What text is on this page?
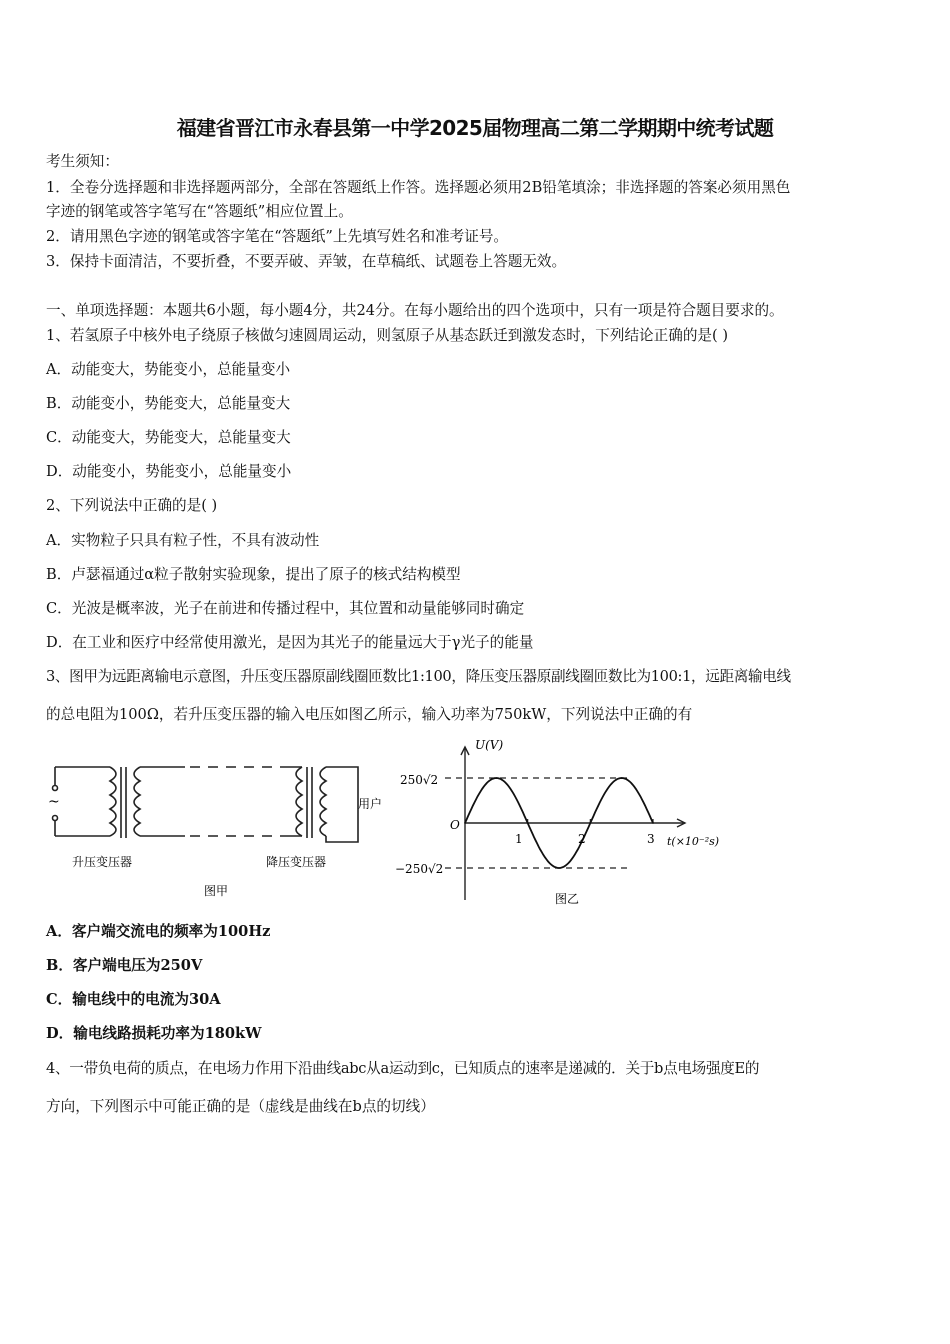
福建省晋江市永春县第一中学2025届物理高二第二学期期中统考试题
考生须知：
1．全卷分选择题和非选择题两部分，全部在答题纸上作答。选择题必须用2B铅笔填涂；非选择题的答案必须用黑色
字迹的钢笔或答字笔写在“答题纸”相应位置上。
2．请用黑色字迹的钢笔或答字笔在“答题纸”上先填写姓名和准考证号。
3．保持卡面清洁，不要折叠，不要弄破、弄皱，在草稿纸、试题卷上答题无效。
一、单项选择题：本题共6小题，每小题4分，共24分。在每小题给出的四个选项中，只有一项是符合题目要求的。
1、若氢原子中核外电子绕原子核做匀速圆周运动，则氢原子从基态跃迁到激发态时，下列结论正确的是( )
A．动能变大，势能变小，总能量变小
B．动能变小，势能变大，总能量变大
C．动能变大，势能变大，总能量变大
D．动能变小，势能变小，总能量变小
2、下列说法中正确的是( )
A．实物粒子只具有粒子性，不具有波动性
B．卢瑟福通过α粒子散射实验现象，提出了原子的核式结构模型
C．光波是概率波，光子在前进和传播过程中，其位置和动量能够同时确定
D．在工业和医疗中经常使用激光，是因为其光子的能量远大于γ光子的能量
3、图甲为远距离输电示意图，升压变压器原副线圈匝数比1:100，降压变压器原副线圈匝数比为100:1，远距离输电线
的总电阻为100Ω，若升压变压器的输入电压如图乙所示，输入功率为750kW，下列说法中正确的有
~	用户
升压变压器	降压变压器
图甲
U(V)
t(×10⁻²s)
O
250√2
−250√2
1	2	3
图乙
A．客户端交流电的频率为100Hz
B．客户端电压为250V
C．输电线中的电流为30A
D．输电线路损耗功率为180kW
4、一带负电荷的质点，在电场力作用下沿曲线abc从a运动到c，已知质点的速率是递减的．关于b点电场强度E的
方向，下列图示中可能正确的是（虚线是曲线在b点的切线）
